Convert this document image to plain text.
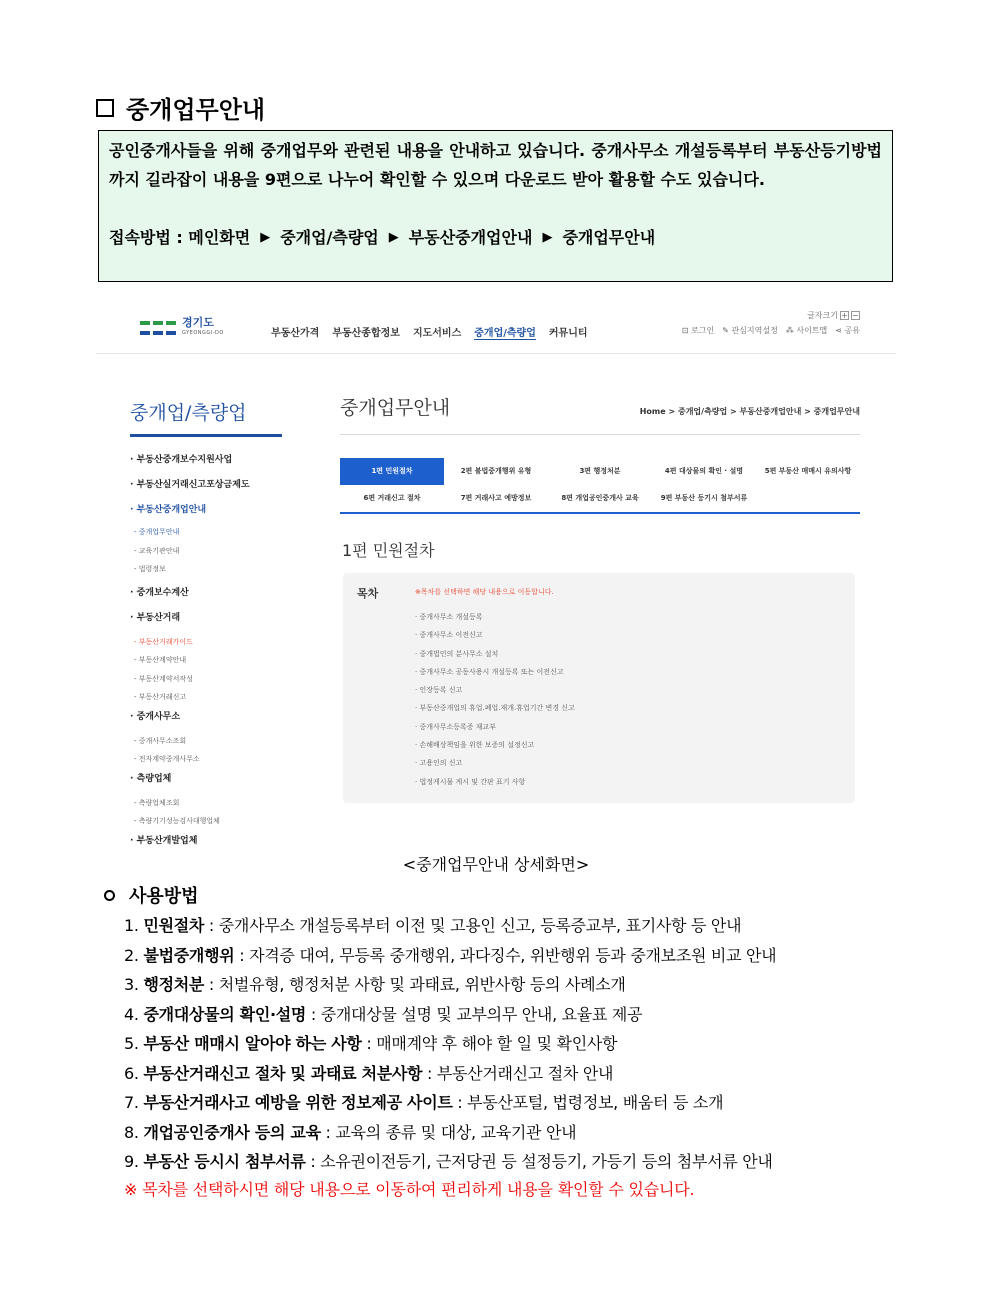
중개업무안내

공인중개사들을 위해 중개업무와 관련된 내용을 안내하고 있습니다. 중개사무소 개설등록부터 부동산등기방법 까지 길라잡이 내용을 9편으로 나누어 확인할 수 있으며 다운로드 받아 활용할 수도 있습니다.

접속방법 : 메인화면 ▶ 중개업/측량업 ▶ 부동산중개업안내 ▶ 중개업무안내
경기도
GYEONGGI-DO	부동산가격 부동산종합정보 지도서비스 중개업/측량업 커뮤니티
글자크기 + −
⊡ 로그인 ✎ 관심지역설정 ⁂ 사이트맵 ⋖ 공유
중개업/측량업
· 부동산중개보수지원사업
· 부동산실거래신고포상금제도
· 부동산중개업안내
- 중개업무안내
- 교육기관안내
- 법령정보
· 중개보수계산
· 부동산거래
- 부동산거래가이드
- 부동산계약안내
- 부동산계약서작성
- 부동산거래신고
· 중개사무소
- 중개사무소조회
- 전자계약중개사무소
· 측량업체
- 측량업체조회
- 측량기기성능검사대행업체
· 부동산개발업체
중개업무안내	Home > 중개업/측량업 > 부동산중개업안내 > 중개업무안내
1편 민원절차	2편 불법중개행위 유형	3편 행정처분	4편 대상물의 확인 · 설명	5편 부동산 매매시 유의사항
6편 거래신고 절차	7편 거래사고 예방정보	8편 개업공인중개사 교육	9편 부동산 등기시 첨부서류
1편 민원절차
목차	※목차를 선택하면 해당 내용으로 이동합니다.
· 중개사무소 개설등록
· 중개사무소 이전신고
· 중개법인의 분사무소 설치
· 중개사무소 공동사용시 개설등록 또는 이전신고
· 인장등록 신고
· 부동산중개업의 휴업.폐업.재개.휴업기간 변경 신고
· 중개사무소등록증 재교부
· 손해배상책임을 위한 보증의 설정신고
· 고용인의 신고
· 법정게시물 게시 및 간판 표기 사항
<중개업무안내 상세화면>
사용방법
1. 민원절차 : 중개사무소 개설등록부터 이전 및 고용인 신고, 등록증교부, 표기사항 등 안내
2. 불법중개행위 : 자격증 대여, 무등록 중개행위, 과다징수, 위반행위 등과 중개보조원 비교 안내
3. 행정처분 : 처벌유형, 행정처분 사항 및 과태료, 위반사항 등의 사례소개
4. 중개대상물의 확인·설명 : 중개대상물 설명 및 교부의무 안내, 요율표 제공
5. 부동산 매매시 알아야 하는 사항 : 매매계약 후 해야 할 일 및 확인사항
6. 부동산거래신고 절차 및 과태료 처분사항 : 부동산거래신고 절차 안내
7. 부동산거래사고 예방을 위한 정보제공 사이트 : 부동산포털, 법령정보, 배움터 등 소개
8. 개업공인중개사 등의 교육 : 교육의 종류 및 대상, 교육기관 안내
9. 부동산 등시시 첨부서류 : 소유권이전등기, 근저당권 등 설정등기, 가등기 등의 첨부서류 안내
※ 목차를 선택하시면 해당 내용으로 이동하여 편리하게 내용을 확인할 수 있습니다.
